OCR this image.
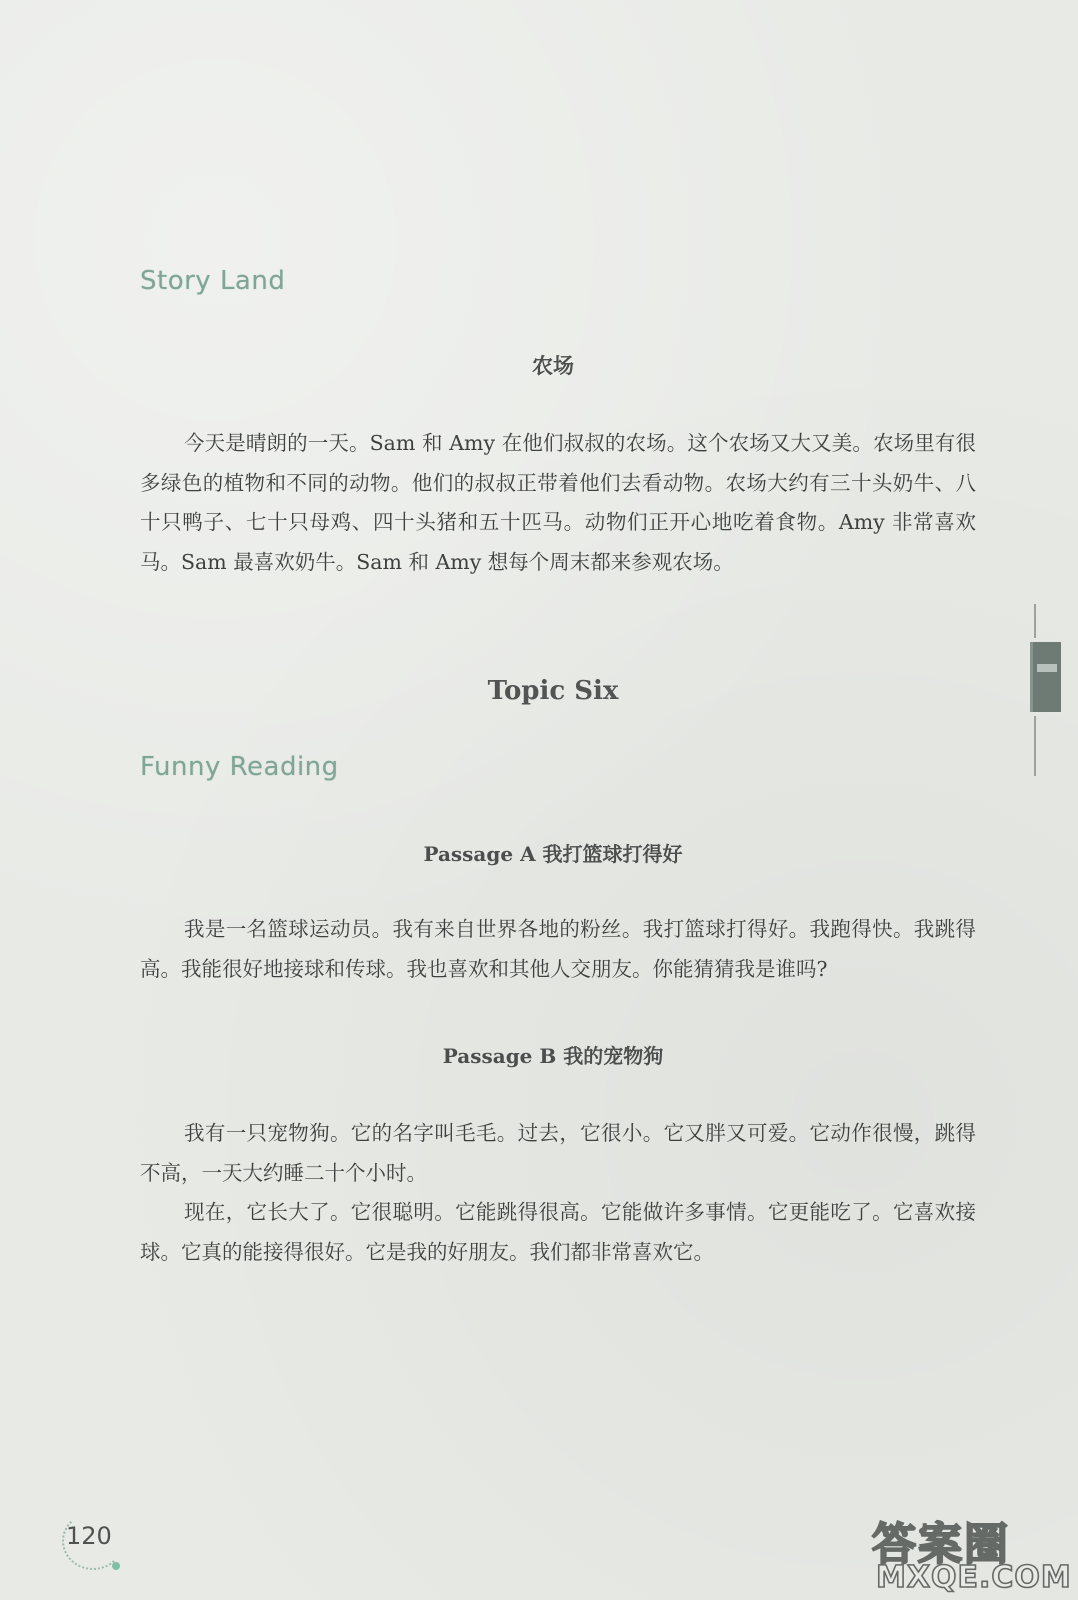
Story Land
农场

今天是晴朗的一天。Sam 和 Amy 在他们叔叔的农场。这个农场又大又美。农场里有很多绿色的植物和不同的动物。他们的叔叔正带着他们去看动物。农场大约有三十头奶牛、八十只鸭子、七十只母鸡、四十头猪和五十匹马。动物们正开心地吃着食物。Amy 非常喜欢马。Sam 最喜欢奶牛。Sam 和 Amy 想每个周末都来参观农场。

Topic Six
Funny Reading
Passage A 我打篮球打得好

我是一名篮球运动员。我有来自世界各地的粉丝。我打篮球打得好。我跑得快。我跳得高。我能很好地接球和传球。我也喜欢和其他人交朋友。你能猜猜我是谁吗?

Passage B 我的宠物狗

我有一只宠物狗。它的名字叫毛毛。过去，它很小。它又胖又可爱。它动作很慢，跳得不高，一天大约睡二十个小时。

现在，它长大了。它很聪明。它能跳得很高。它能做许多事情。它更能吃了。它喜欢接球。它真的能接得很好。它是我的好朋友。我们都非常喜欢它。

120	答案圈
MXQE.COM
